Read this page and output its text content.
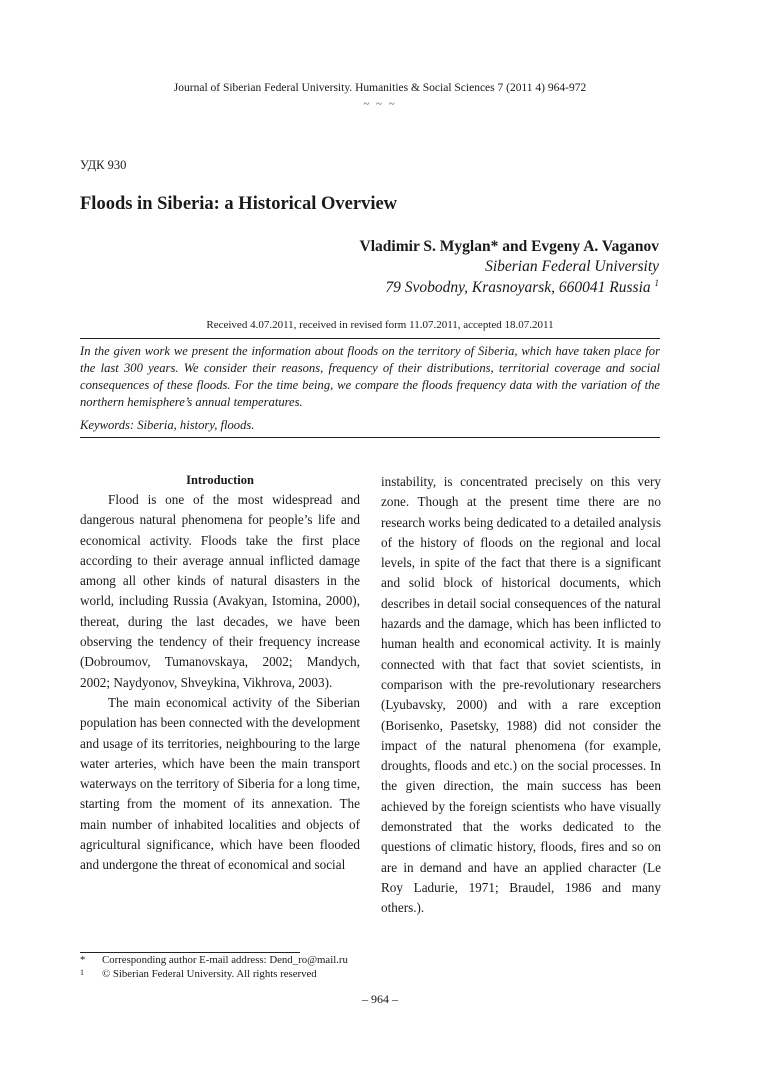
Journal of Siberian Federal University. Humanities & Social Sciences 7 (2011 4) 964-972
~ ~ ~
УДК 930
Floods in Siberia: a Historical Overview
Vladimir S. Myglan* and Evgeny A. Vaganov
Siberian Federal University
79 Svobodny, Krasnoyarsk, 660041 Russia $^1$
Received 4.07.2011, received in revised form 11.07.2011, accepted 18.07.2011

In the given work we present the information about floods on the territory of Siberia, which have taken place for the last 300 years. We consider their reasons, frequency of their distributions, territorial coverage and social consequences of these floods. For the time being, we compare the floods frequency data with the variation of the northern hemisphere’s annual temperatures.

Keywords: Siberia, history, floods.
Introduction

Flood is one of the most widespread and dangerous natural phenomena for people’s life and economical activity. Floods take the first place according to their average annual inflicted damage among all other kinds of natural disasters in the world, including Russia (Avakyan, Istomina, 2000), thereat, during the last decades, we have been observing the tendency of their frequency increase (Dobroumov, Tumanovskaya, 2002; Mandych, 2002; Naydyonov, Shveykina, Vikhrova, 2003).

The main economical activity of the Siberian population has been connected with the development and usage of its territories, neighbouring to the large water arteries, which have been the main transport waterways on the territory of Siberia for a long time, starting from the moment of its annexation. The main number of inhabited localities and objects of agricultural significance, which have been flooded and undergone the threat of economical and social

instability, is concentrated precisely on this very zone. Though at the present time there are no research works being dedicated to a detailed analysis of the history of floods on the regional and local levels, in spite of the fact that there is a significant and solid block of historical documents, which describes in detail social consequences of the natural hazards and the damage, which has been inflicted to human health and economical activity. It is mainly connected with that fact that soviet scientists, in comparison with the pre-revolutionary researchers (Lyubavsky, 2000) and with a rare exception (Borisenko, Pasetsky, 1988) did not consider the impact of the natural phenomena (for example, droughts, floods and etc.) on the social processes. In the given direction, the main success has been achieved by the foreign scientists who have visually demonstrated that the works dedicated to the questions of climatic history, floods, fires and so on are in demand and have an applied character (Le Roy Ladurie, 1971; Braudel, 1986 and many others.).

* Corresponding author E-mail address: Dend_ro@mail.ru
1 © Siberian Federal University. All rights reserved
– 964 –
